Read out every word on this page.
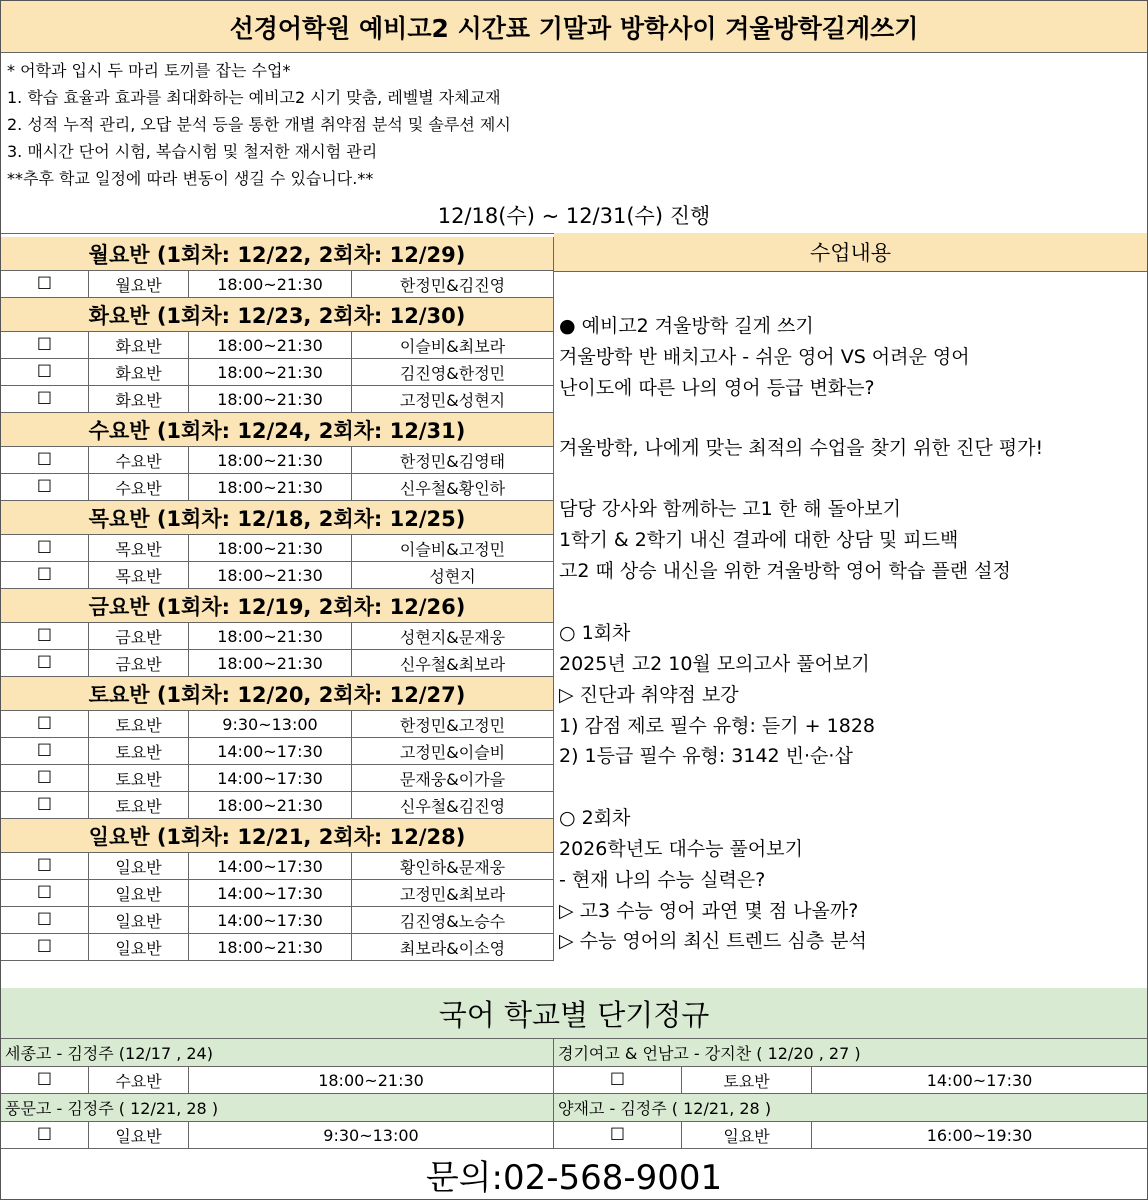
선경어학원 예비고2 시간표 기말과 방학사이 겨울방학길게쓰기
* 어학과 입시 두 마리 토끼를 잡는 수업*
1. 학습 효율과 효과를 최대화하는 예비고2 시기 맞춤, 레벨별 자체교재
2. 성적 누적 관리, 오답 분석 등을 통한 개별 취약점 분석 및 솔루션 제시
3. 매시간 단어 시험, 복습시험 및 철저한 재시험 관리
**추후 학교 일정에 따라 변동이 생길 수 있습니다.**
12/18(수) ~ 12/31(수) 진행
월요반 (1회차: 12/22, 2회차: 12/29)
☐	월요반	18:00~21:30	한정민&김진영
화요반 (1회차: 12/23, 2회차: 12/30)
☐	화요반	18:00~21:30	이슬비&최보라
☐	화요반	18:00~21:30	김진영&한정민
☐	화요반	18:00~21:30	고정민&성현지
수요반 (1회차: 12/24, 2회차: 12/31)
☐	수요반	18:00~21:30	한정민&김영태
☐	수요반	18:00~21:30	신우철&황인하
목요반 (1회차: 12/18, 2회차: 12/25)
☐	목요반	18:00~21:30	이슬비&고정민
☐	목요반	18:00~21:30	성현지
금요반 (1회차: 12/19, 2회차: 12/26)
☐	금요반	18:00~21:30	성현지&문재웅
☐	금요반	18:00~21:30	신우철&최보라
토요반 (1회차: 12/20, 2회차: 12/27)
☐	토요반	9:30~13:00	한정민&고정민
☐	토요반	14:00~17:30	고정민&이슬비
☐	토요반	14:00~17:30	문재웅&이가을
☐	토요반	18:00~21:30	신우철&김진영
일요반 (1회차: 12/21, 2회차: 12/28)
☐	일요반	14:00~17:30	황인하&문재웅
☐	일요반	14:00~17:30	고정민&최보라
☐	일요반	14:00~17:30	김진영&노승수
☐	일요반	18:00~21:30	최보라&이소영
수업내용
● 예비고2 겨울방학 길게 쓰기
겨울방학 반 배치고사 - 쉬운 영어 VS 어려운 영어
난이도에 따른 나의 영어 등급 변화는?
겨울방학, 나에게 맞는 최적의 수업을 찾기 위한 진단 평가!
담당 강사와 함께하는 고1 한 해 돌아보기
1학기 & 2학기 내신 결과에 대한 상담 및 피드백
고2 때 상승 내신을 위한 겨울방학 영어 학습 플랜 설정
○ 1회차
2025년 고2 10월 모의고사 풀어보기
▷ 진단과 취약점 보강
1) 감점 제로 필수 유형: 듣기 + 1828
2) 1등급 필수 유형: 3142 빈·순·삽
○ 2회차
2026학년도 대수능 풀어보기
- 현재 나의 수능 실력은?
▷ 고3 수능 영어 과연 몇 점 나올까?
▷ 수능 영어의 최신 트렌드 심층 분석
국어 학교별 단기정규
세종고 - 김정주 (12/17 , 24)	경기여고 & 언남고 - 강지찬 ( 12/20 , 27 )
☐	수요반	18:00~21:30	☐	토요반	14:00~17:30
풍문고 - 김정주 ( 12/21, 28 )	양재고 - 김정주 ( 12/21, 28 )
☐	일요반	9:30~13:00	☐	일요반	16:00~19:30
문의:02-568-9001
